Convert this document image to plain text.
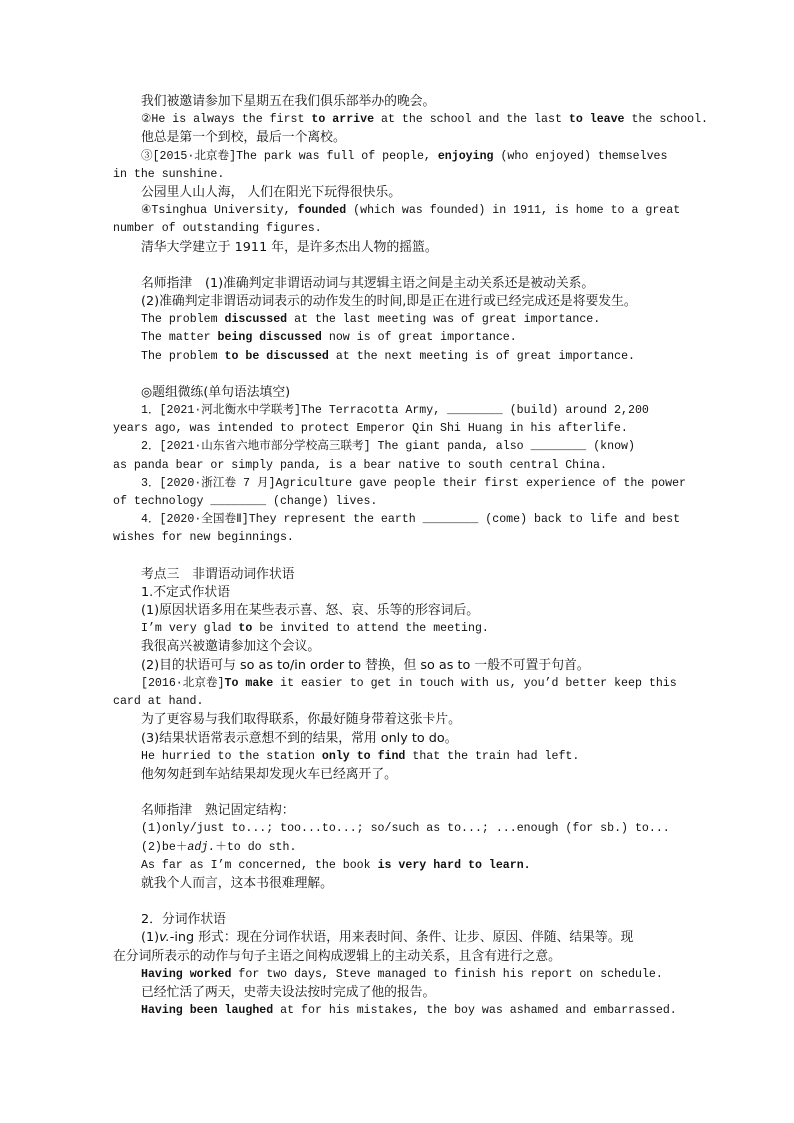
我们被邀请参加下星期五在我们俱乐部举办的晚会。
②He is always the first to arrive at the school and the last to leave the school.
他总是第一个到校，最后一个离校。
③[2015·北京卷]The park was full of people, enjoying (who enjoyed) themselves
in the sunshine.
公园里人山人海， 人们在阳光下玩得很快乐。
④Tsinghua University, founded (which was founded) in 1911, is home to a great
number of outstanding figures.
清华大学建立于 1911 年，是许多杰出人物的摇篮。
名师指津　(1)准确判定非谓语动词与其逻辑主语之间是主动关系还是被动关系。
(2)准确判定非谓语动词表示的动作发生的时间,即是正在进行或已经完成还是将要发生。
The problem discussed at the last meeting was of great importance.
The matter being discussed now is of great importance.
The problem to be discussed at the next meeting is of great importance.
◎题组微练(单句语法填空)
1．[2021·河北衡水中学联考]The Terracotta Army, ________ (build) around 2,200
years ago, was intended to protect Emperor Qin Shi Huang in his afterlife.
2．[2021·山东省六地市部分学校高三联考] The giant panda, also ________ (know)
as panda bear or simply panda, is a bear native to south central China.
3．[2020·浙江卷 7 月]Agriculture gave people their first experience of the power
of technology ________ (change) lives.
4．[2020·全国卷Ⅱ]They represent the earth ________ (come) back to life and best
wishes for new beginnings.
考点三　非谓语动词作状语
1.不定式作状语
(1)原因状语多用在某些表示喜、怒、哀、乐等的形容词后。
I’m very glad to be invited to attend the meeting.
我很高兴被邀请参加这个会议。
(2)目的状语可与 so as to/in order to 替换，但 so as to 一般不可置于句首。
[2016·北京卷]To make it easier to get in touch with us, you’d better keep this
card at hand.
为了更容易与我们取得联系，你最好随身带着这张卡片。
(3)结果状语常表示意想不到的结果，常用 only to do。
He hurried to the station only to find that the train had left.
他匆匆赶到车站结果却发现火车已经离开了。
名师指津　熟记固定结构：
(1)only/just to...; too...to...; so/such as to...; ...enough (for sb.) to...
(2)be＋adj.＋to do sth.
As far as I’m concerned, the book is very hard to learn.
就我个人而言，这本书很难理解。
2．分词作状语
(1)v.-ing 形式：现在分词作状语，用来表时间、条件、让步、原因、伴随、结果等。现
在分词所表示的动作与句子主语之间构成逻辑上的主动关系，且含有进行之意。
Having worked for two days, Steve managed to finish his report on schedule.
已经忙活了两天，史蒂夫设法按时完成了他的报告。
Having been laughed at for his mistakes, the boy was ashamed and embarrassed.
